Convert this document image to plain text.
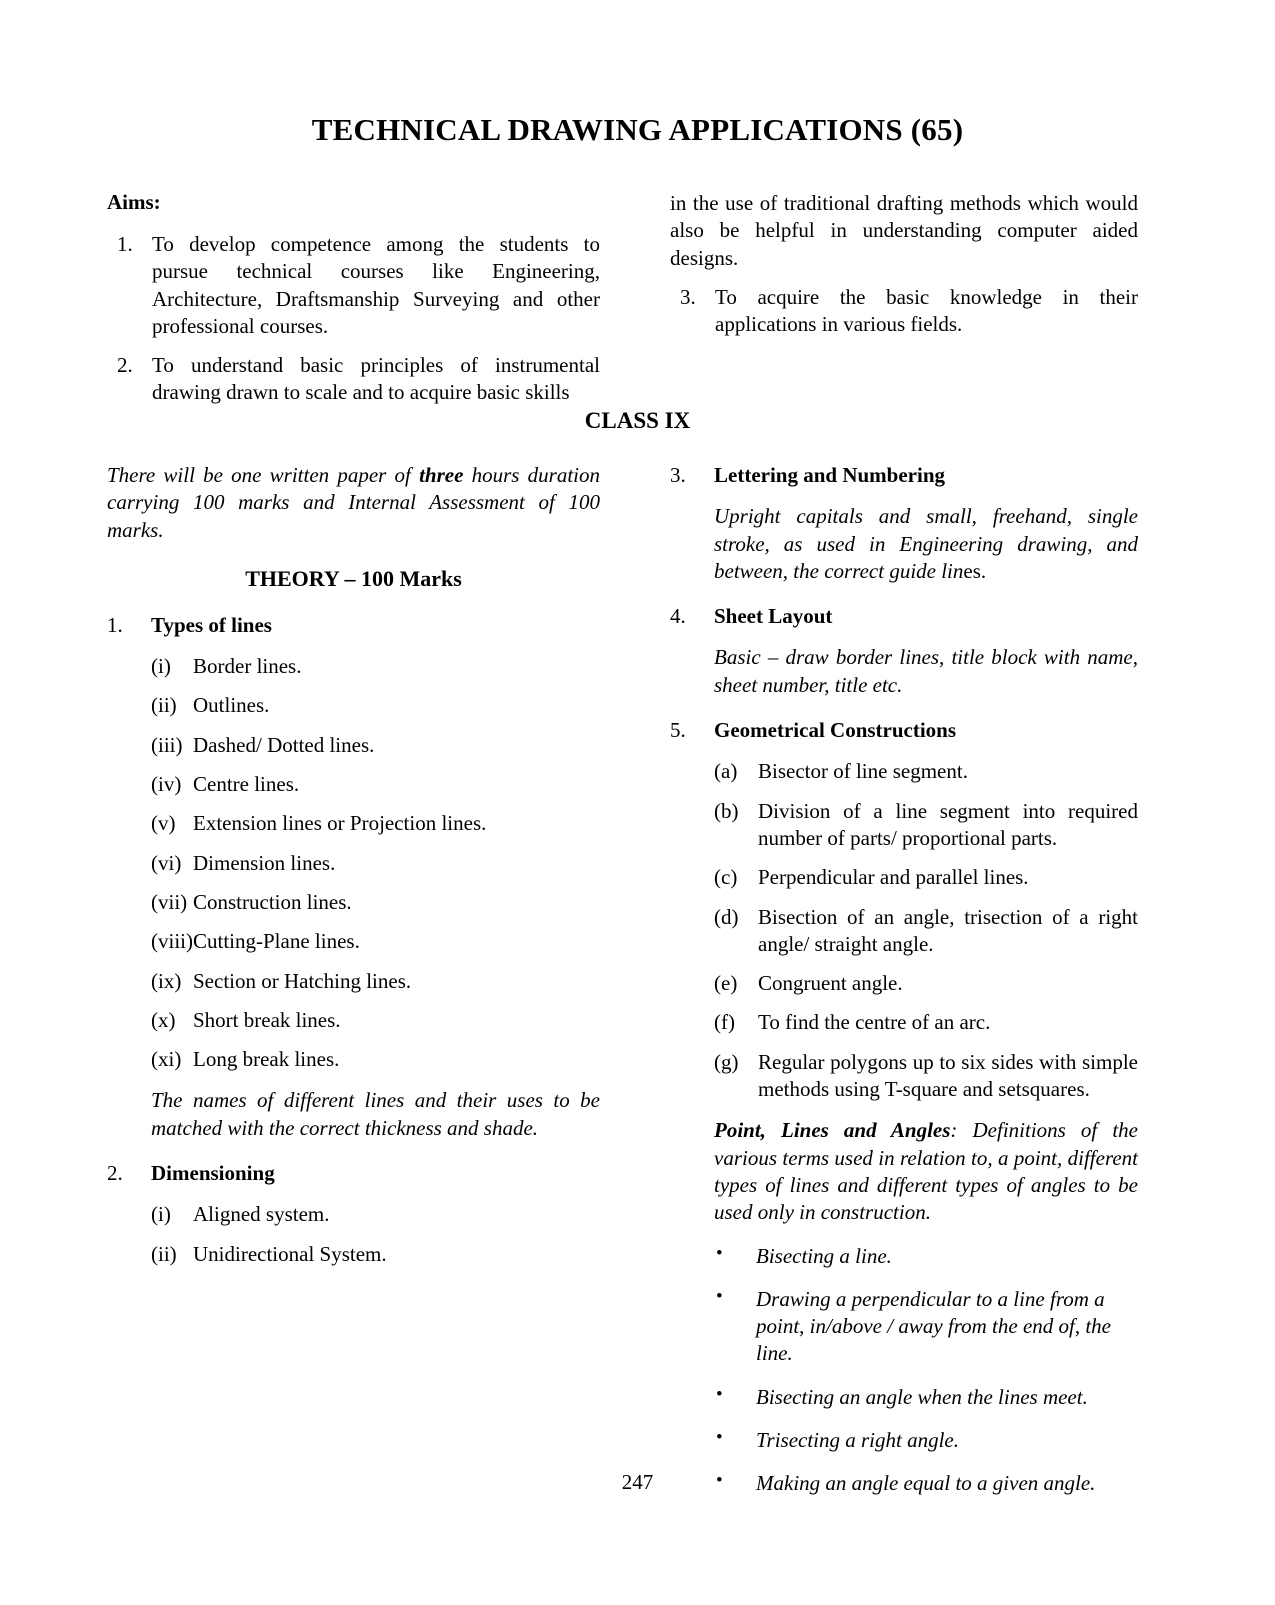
TECHNICAL DRAWING APPLICATIONS (65)
Aims:
1. To develop competence among the students to pursue technical courses like Engineering, Architecture, Draftsmanship Surveying and other professional courses.
2. To understand basic principles of instrumental drawing drawn to scale and to acquire basic skills
in the use of traditional drafting methods which would also be helpful in understanding computer aided designs.
3. To acquire the basic knowledge in their applications in various fields.
CLASS IX
There will be one written paper of three hours duration carrying 100 marks and Internal Assessment of 100 marks.
THEORY – 100 Marks
1.	Types of lines
(i)	Border lines.
(ii) Outlines.
(iii) Dashed/ Dotted lines.
(iv) Centre lines.
(v) Extension lines or Projection lines.
(vi) Dimension lines.
(vii) Construction lines.
(viii) Cutting-Plane lines.
(ix) Section or Hatching lines.
(x) Short break lines.
(xi) Long break lines.
The names of different lines and their uses to be matched with the correct thickness and shade.
2.	Dimensioning
(i)	Aligned system.
(ii) Unidirectional System.
3.	Lettering and Numbering
Upright capitals and small, freehand, single stroke, as used in Engineering drawing, and between, the correct guide lines.
4.	Sheet Layout
Basic – draw border lines, title block with name, sheet number, title etc.
5.	Geometrical Constructions
(a) Bisector of line segment.
(b) Division of a line segment into required number of parts/ proportional parts.
(c) Perpendicular and parallel lines.
(d) Bisection of an angle, trisection of a right angle/ straight angle.
(e) Congruent angle.
(f)	To find the centre of an arc.
(g) Regular polygons up to six sides with simple methods using T-square and setsquares.
Point, Lines and Angles: Definitions of the various terms used in relation to, a point, different types of lines and different types of angles to be used only in construction.
• Bisecting a line.
• Drawing a perpendicular to a line from a point, in/above / away from the end of, the line.
• Bisecting an angle when the lines meet.
• Trisecting a right angle.
• Making an angle equal to a given angle.
247
